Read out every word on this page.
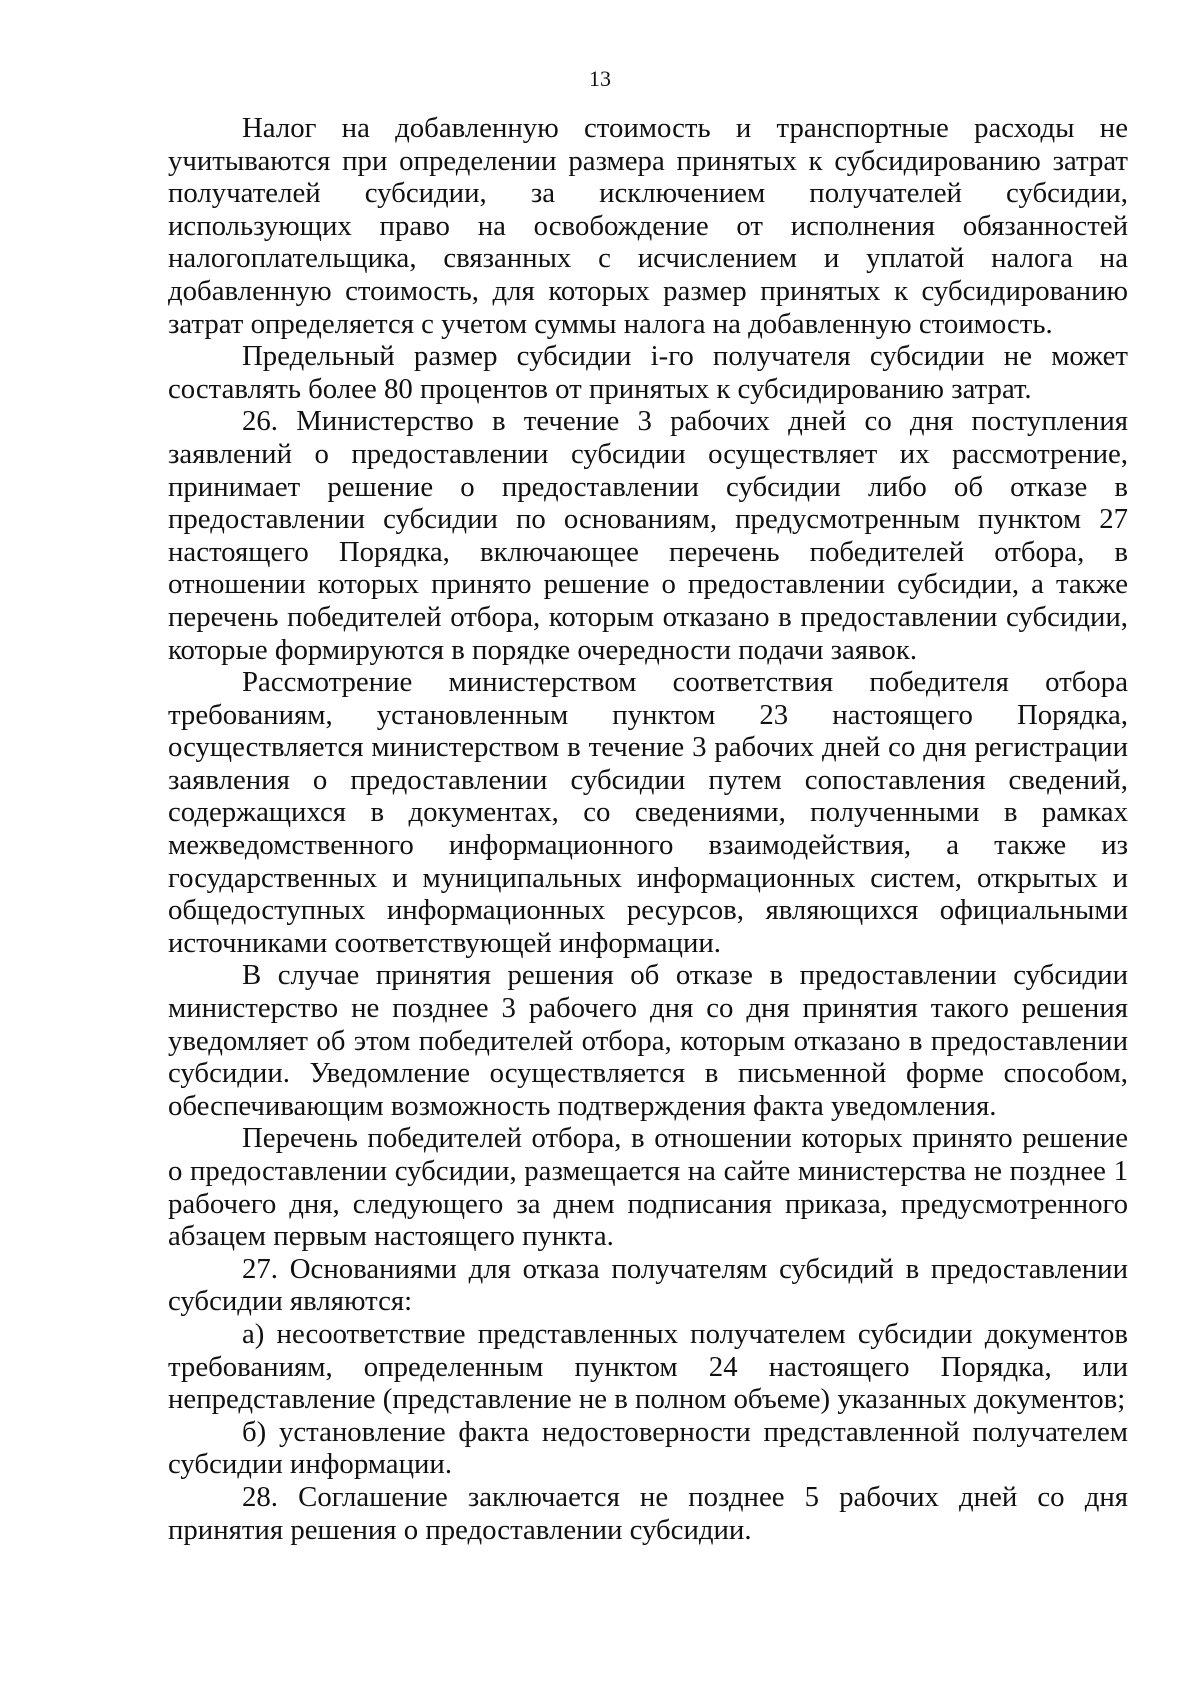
13

Налог на добавленную стоимость и транспортные расходы не учитываются при определении размера принятых к субсидированию затрат получателей субсидии, за исключением получателей субсидии, использующих право на освобождение от исполнения обязанностей налогоплательщика, связанных с исчислением и уплатой налога на добавленную стоимость, для которых размер принятых к субсидированию затрат определяется с учетом суммы налога на добавленную стоимость.

Предельный размер субсидии i-го получателя субсидии не может составлять более 80 процентов от принятых к субсидированию затрат.

26. Министерство в течение 3 рабочих дней со дня поступления заявлений о предоставлении субсидии осуществляет их рассмотрение, принимает решение о предоставлении субсидии либо об отказе в предоставлении субсидии по основаниям, предусмотренным пунктом 27 настоящего Порядка, включающее перечень победителей отбора, в отношении которых принято решение о предоставлении субсидии, а также перечень победителей отбора, которым отказано в предоставлении субсидии, которые формируются в порядке очередности подачи заявок.

Рассмотрение министерством соответствия победителя отбора требованиям, установленным пунктом 23 настоящего Порядка, осуществляется министерством в течение 3 рабочих дней со дня регистрации заявления о предоставлении субсидии путем сопоставления сведений, содержащихся в документах, со сведениями, полученными в рамках межведомственного информационного взаимодействия, а также из государственных и муниципальных информационных систем, открытых и общедоступных информационных ресурсов, являющихся официальными источниками соответствующей информации.

В случае принятия решения об отказе в предоставлении субсидии министерство не позднее 3 рабочего дня со дня принятия такого решения уведомляет об этом победителей отбора, которым отказано в предоставлении субсидии. Уведомление осуществляется в письменной форме способом, обеспечивающим возможность подтверждения факта уведомления.

Перечень победителей отбора, в отношении которых принято решение о предоставлении субсидии, размещается на сайте министерства не позднее 1 рабочего дня, следующего за днем подписания приказа, предусмотренного абзацем первым настоящего пункта.

27. Основаниями для отказа получателям субсидий в предоставлении субсидии являются:

а) несоответствие представленных получателем субсидии документов требованиям, определенным пунктом 24 настоящего Порядка, или непредставление (представление не в полном объеме) указанных документов;

б) установление факта недостоверности представленной получателем субсидии информации.

28. Соглашение заключается не позднее 5 рабочих дней со дня принятия решения о предоставлении субсидии.
